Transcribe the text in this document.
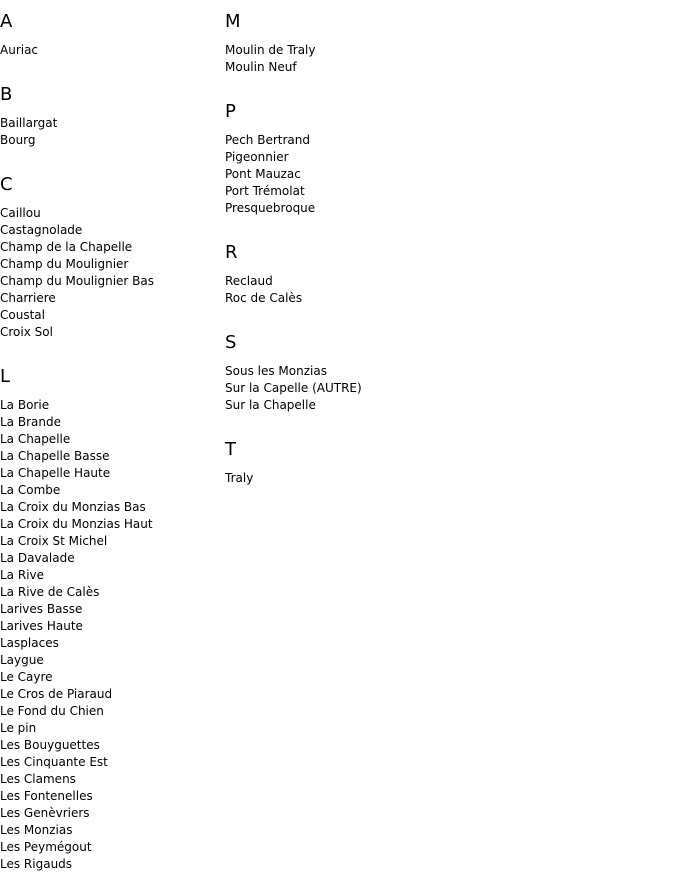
A
Auriac
B
Baillargat
Bourg
C
Caillou
Castagnolade
Champ de la Chapelle
Champ du Moulignier
Champ du Moulignier Bas
Charriere
Coustal
Croix Sol
L
La Borie
La Brande
La Chapelle
La Chapelle Basse
La Chapelle Haute
La Combe
La Croix du Monzias Bas
La Croix du Monzias Haut
La Croix St Michel
La Davalade
La Rive
La Rive de Calès
Larives Basse
Larives Haute
Lasplaces
Laygue
Le Cayre
Le Cros de Piaraud
Le Fond du Chien
Le pin
Les Bouyguettes
Les Cinquante Est
Les Clamens
Les Fontenelles
Les Genèvriers
Les Monzias
Les Peymégout
Les Rigauds
M
Moulin de Traly
Moulin Neuf
P
Pech Bertrand
Pigeonnier
Pont Mauzac
Port Trémolat
Presquebroque
R
Reclaud
Roc de Calès
S
Sous les Monzias
Sur la Capelle (AUTRE)
Sur la Chapelle
T
Traly
